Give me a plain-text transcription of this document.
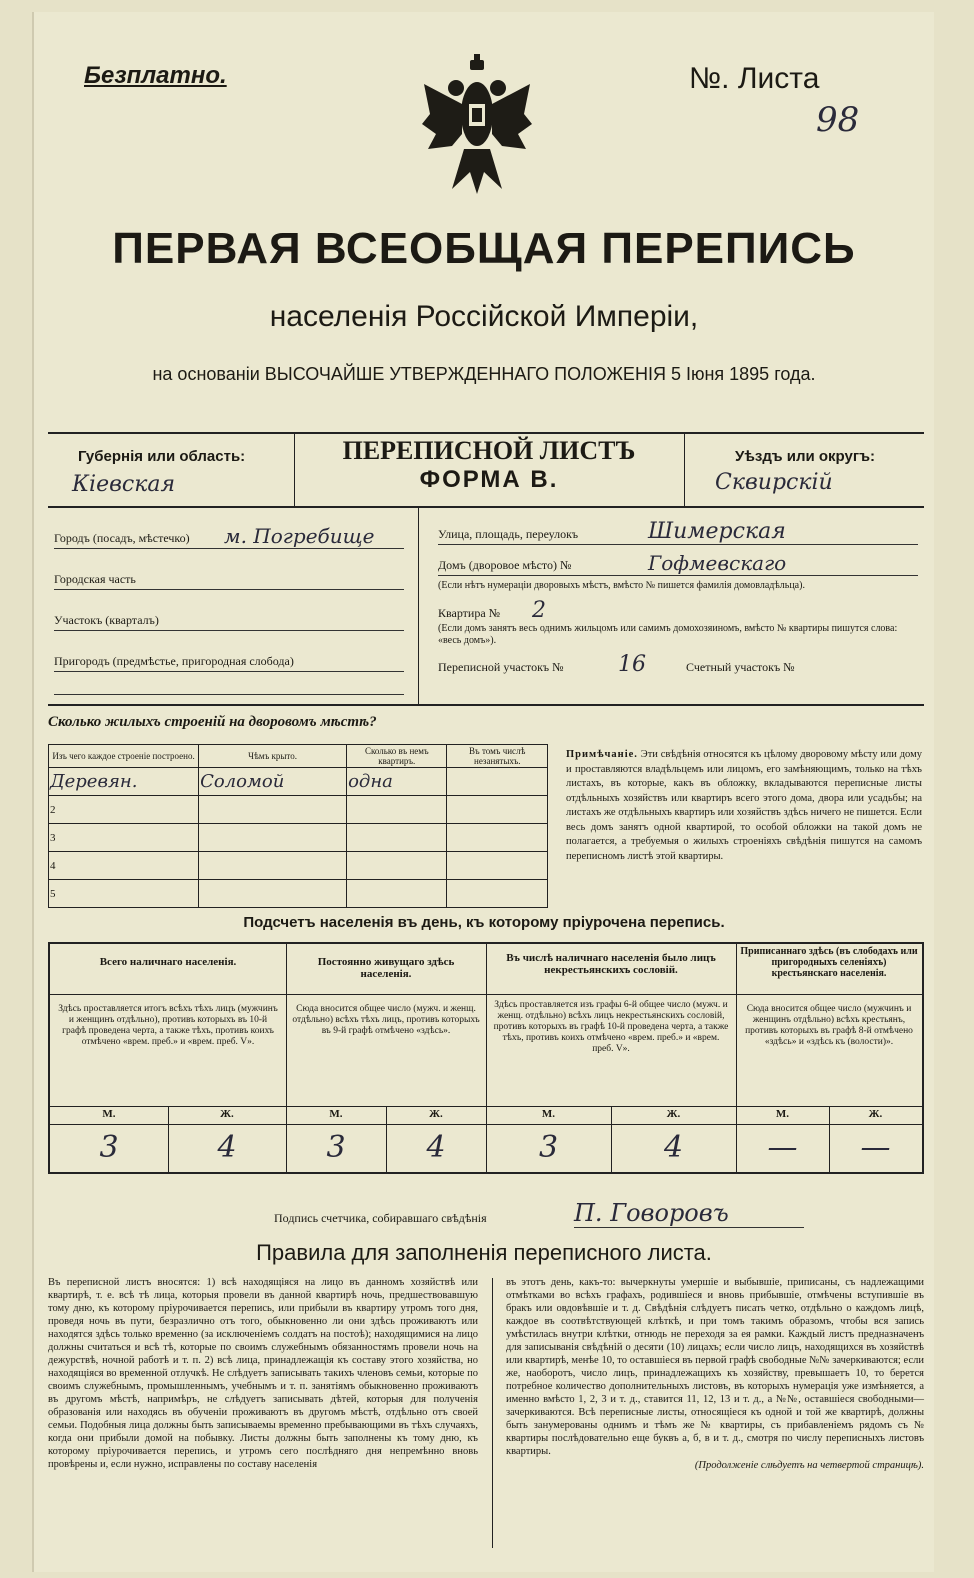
Безплатно.	№. Листа
98
ПЕРВАЯ ВСЕОБЩАЯ ПЕРЕПИСЬ
населенія Россійской Имперіи,
на основаніи ВЫСОЧАЙШЕ УТВЕРЖДЕННАГО ПОЛОЖЕНІЯ 5 Іюня 1895 года.
Губернія или область:
Кіевская
ПЕРЕПИСНОЙ ЛИСТЪ
ФОРМА В.
Уѣздъ или округъ:
Сквирскій
Городъ (посадъ, мѣстечко) м. Погребище
Городская часть
Участокъ (кварталъ)
Пригородъ (предмѣстье, пригородная слобода)
Улица, площадь, переулокъ	Шимерская
Домъ (дворовое мѣсто) №	Гофмевскаго
(Если нѣтъ нумераціи дворовыхъ мѣстъ, вмѣсто № пишется фамилія домовладѣльца).
Квартира № 2
(Если домъ занятъ весь однимъ жильцомъ или самимъ домохозяиномъ, вмѣсто № квартиры пишутся слова: «весь домъ»).
Переписной участокъ № 16	Счетный участокъ №
Сколько жилыхъ строеній на дворовомъ мѣстѣ?
Изъ чего каждое строеніе построено.	Чѣмъ крыто.	Сколько въ немъ квартиръ.	Въ томъ числѣ незанятыхъ.
Деревян.	Соломой	одна	
2			
3			
4			
5			
Примѣчаніе. Эти свѣдѣнія относятся къ цѣлому дворовому мѣсту или дому и проставляются владѣльцемъ или лицомъ, его замѣняющимъ, только на тѣхъ листахъ, въ которые, какъ въ обложку, вкладываются переписные листы отдѣльныхъ хозяйствъ или квартиръ всего этого дома, двора или усадьбы; на листахъ же отдѣльныхъ квартиръ или хозяйствъ здѣсь ничего не пишется. Если весь домъ занятъ одной квартирой, то особой обложки на такой домъ не полагается, а требуемыя о жилыхъ строеніяхъ свѣдѣнія пишутся на самомъ переписномъ листѣ этой квартиры.
Подсчетъ населенія въ день, къ которому пріурочена перепись.
Всего наличнаго населенія.
Здѣсь проставляется итогъ всѣхъ тѣхъ лицъ (мужчинъ и женщинъ отдѣльно), противъ которыхъ въ 10-й графѣ проведена черта, а также тѣхъ, противъ коихъ отмѣчено «врем. преб.» и «врем. преб. V».
Постоянно живущаго здѣсь населенія.
Сюда вносится общее число (мужч. и женщ. отдѣльно) всѣхъ тѣхъ лицъ, противъ которыхъ въ 9-й графѣ отмѣчено «здѣсь».
Въ числѣ наличнаго населенія было лицъ некрестьянскихъ сословій.
Здѣсь проставляется изъ графы 6-й общее число (мужч. и женщ. отдѣльно) всѣхъ лицъ некрестьянскихъ сословій, противъ которыхъ въ графѣ 10-й проведена черта, а также тѣхъ, противъ коихъ отмѣчено «врем. преб.» и «врем. преб. V».
Приписаннаго здѣсь (въ слободахъ или пригородныхъ селеніяхъ) крестьянскаго населенія.
Сюда вносится общее число (мужчинъ и женщинъ отдѣльно) всѣхъ крестьянъ, противъ которыхъ въ графѣ 8-й отмѣчено «здѣсь» и «здѣсь къ (волости)».
М.	Ж.	М.	Ж.	М.	Ж.	М.	Ж.
3	4	3	4	3	4	—	—
Подпись счетчика, собиравшаго свѣдѣнія	П. Говоровъ
Правила для заполненія переписного листа.
Въ переписной листъ вносятся: 1) всѣ находящіяся на лицо въ данномъ хозяйствѣ или квартирѣ, т. е. всѣ тѣ лица, которыя провели въ данной квартирѣ ночь, предшествовавшую тому дню, къ которому пріурочивается перепись, или прибыли въ квартиру утромъ того дня, проведя ночь въ пути, безразлично отъ того, обыкновенно ли они здѣсь проживаютъ или находятся здѣсь только временно (за исключеніемъ солдатъ на постоѣ); находящимися на лицо должны считаться и всѣ тѣ, которые по своимъ служебнымъ обязанностямъ провели ночь на дежурствѣ, ночной работѣ и т. п. 2) всѣ лица, принадлежащія къ составу этого хозяйства, но находящіяся во временной отлучкѣ. Не слѣдуетъ записывать такихъ членовъ семьи, которые по своимъ служебнымъ, промышленнымъ, учебнымъ и т. п. занятіямъ обыкновенно проживаютъ въ другомъ мѣстѣ, напримѣръ, не слѣдуетъ записывать дѣтей, которыя для полученія образованія или находясь въ обученіи проживаютъ въ другомъ мѣстѣ, отдѣльно отъ своей семьи. Подобныя лица должны быть записываемы временно пребывающими въ тѣхъ случаяхъ, когда они прибыли домой на побывку. Листы должны быть заполнены къ тому дню, къ которому пріурочивается перепись, и утромъ сего послѣдняго дня непремѣнно вновь провѣрены и, если нужно, исправлены по составу населенія
въ этотъ день, какъ-то: вычеркнуты умершіе и выбывшіе, приписаны, съ надлежащими отмѣтками во всѣхъ графахъ, родившіеся и вновь прибывшіе, отмѣчены вступившіе въ бракъ или овдовѣвшіе и т. д. Свѣдѣнія слѣдуетъ писать четко, отдѣльно о каждомъ лицѣ, каждое въ соотвѣтствующей клѣткѣ, и при томъ такимъ образомъ, чтобы вся запись умѣстилась внутри клѣтки, отнюдь не переходя за ея рамки. Каждый листъ предназначенъ для записыванія свѣдѣній о десяти (10) лицахъ; если число лицъ, находящихся въ хозяйствѣ или квартирѣ, менѣе 10, то оставшіеся въ первой графѣ свободные №№ зачеркиваются; если же, наоборотъ, число лицъ, принадлежащихъ къ хозяйству, превышаетъ 10, то берется потребное количество дополнительныхъ листовъ, въ которыхъ нумерація уже измѣняется, а именно вмѣсто 1, 2, 3 и т. д., ставится 11, 12, 13 и т. д., а №№, оставшіеся свободными—зачеркиваются. Всѣ переписные листы, относящіеся къ одной и той же квартирѣ, должны быть занумерованы однимъ и тѣмъ же № квартиры, съ прибавленіемъ рядомъ съ № квартиры послѣдовательно еще буквъ а, б, в и т. д., смотря по числу переписныхъ листовъ квартиры.
(Продолженіе слѣдуетъ на четвертой страницѣ).
